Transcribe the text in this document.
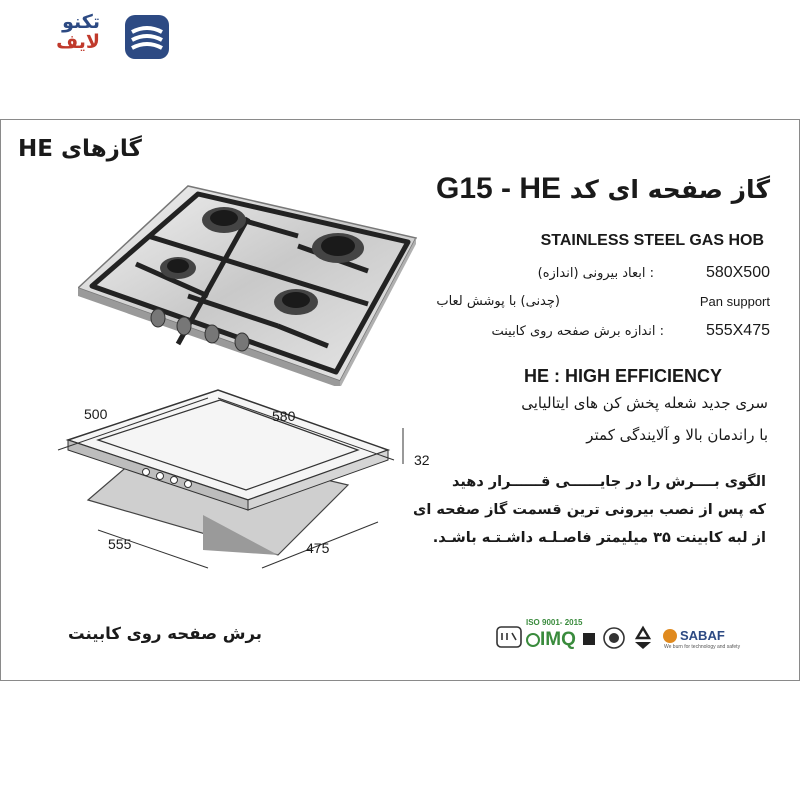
تکنو
لایف
گازهای HE
G15 - HE گاز صفحه ای کد
STAINLESS STEEL GAS HOB
: ابعاد بیرونی (اندازه)	580X500
(چدنی) با پوشش لعاب	Pan support
: اندازه برش صفحه روی کابینت	555X475
HE : HIGH EFFICIENCY
سری جدید شعله پخش کن های ایتالیایی
با راندمان بالا و آلایندگی کمتر
الگوی بــــرش را در جایــــــی قــــــرار دهید
که پس از نصب بیرونی ترین قسمت گاز صفحه ای
از لبه کابینت ۳۵ میلیمتر فاصـلـه داشـتـه باشـد.
500	580
32
555	475
برش صفحه روی کابینت
ISO 9001- 2015
IMQ	SABAF
We burn for technology and safety
